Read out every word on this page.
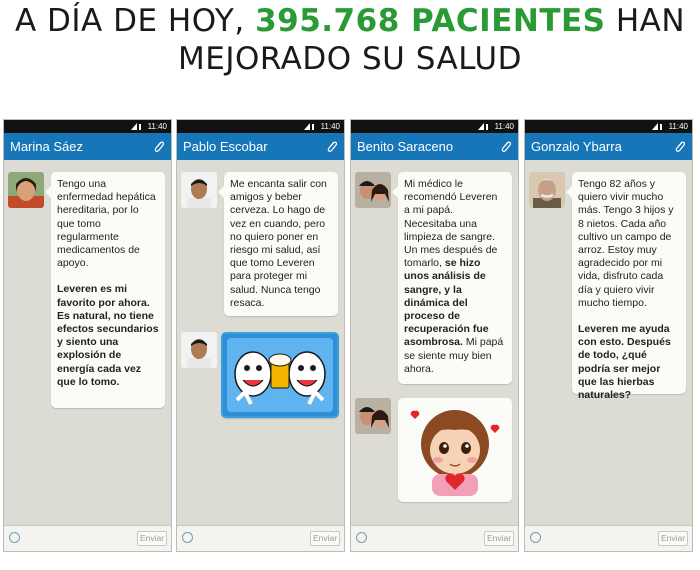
A DÍA DE HOY, 395.768 PACIENTES HAN
MEJORADO SU SALUD
11:40
Marina Sáez

Tengo una enfermedad hepática hereditaria, por lo que tomo regularmente medicamentos de apoyo.

Leveren es mi favorito por ahora. Es natural, no tiene efectos secundarios y siento una explosión de energía cada vez que lo tomo.

Enviar
11:40
Pablo Escobar

Me encanta salir con amigos y beber cerveza. Lo hago de vez en cuando, pero no quiero poner en riesgo mi salud, así que tomo Leveren para proteger mi salud. Nunca tengo resaca.

Enviar
11:40
Benito Saraceno

Mi médico le recomendó Leveren a mi papá. Necesitaba una limpieza de sangre. Un mes después de tomarlo, se hizo unos análisis de sangre, y la dinámica del proceso de recuperación fue asombrosa. Mi papá se siente muy bien ahora.

Enviar
11:40
Gonzalo Ybarra

Tengo 82 años y quiero vivir mucho más. Tengo 3 hijos y 8 nietos. Cada año cultivo un campo de arroz. Estoy muy agradecido por mi vida, disfruto cada día y quiero vivir mucho tiempo.

Leveren me ayuda con esto. Después de todo, ¿qué podría ser mejor que las hierbas naturales?

Enviar
